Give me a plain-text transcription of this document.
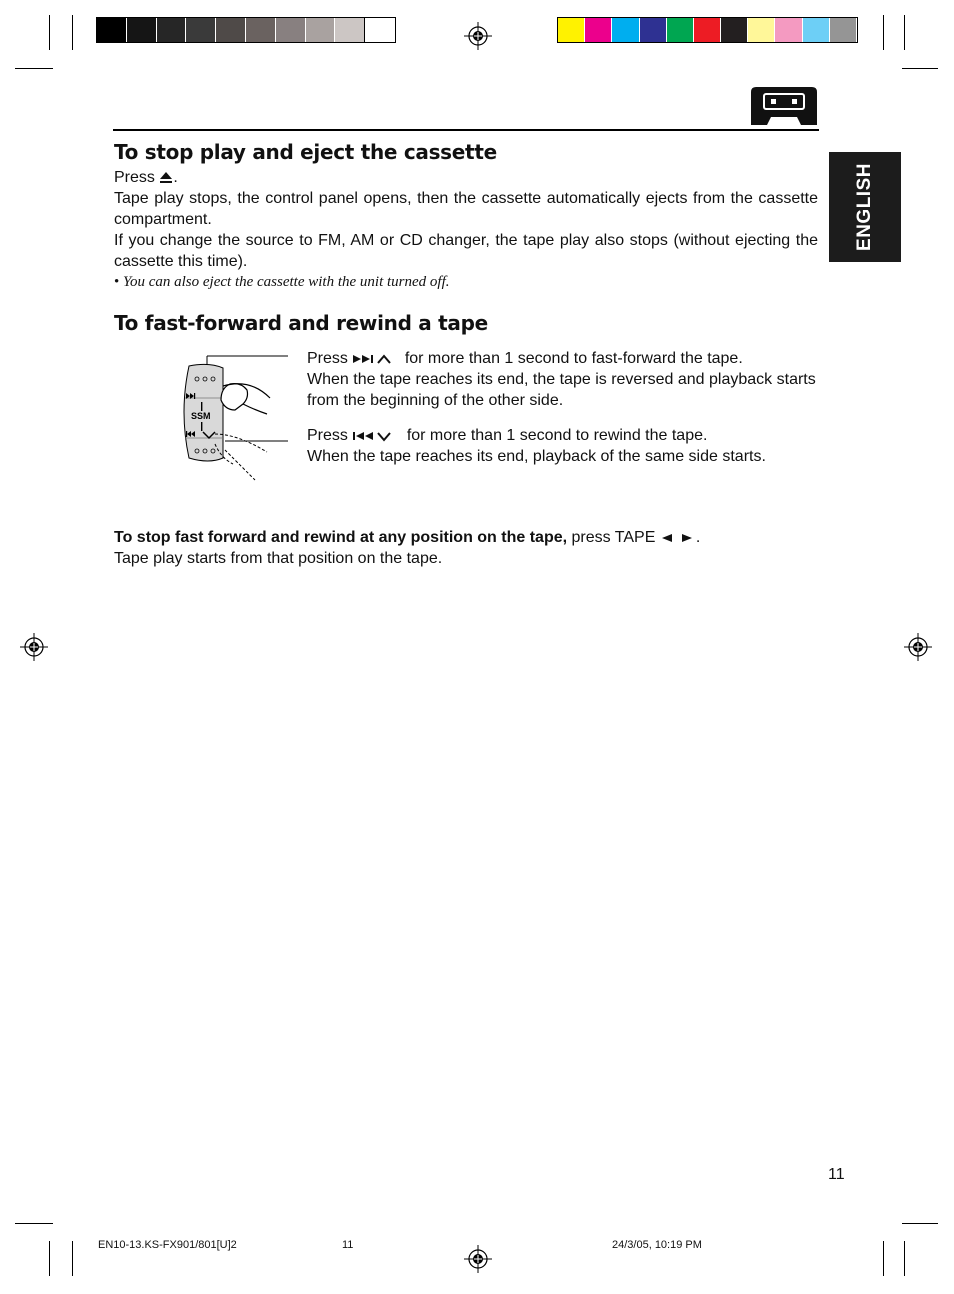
ENGLISH
To stop play and eject the cassette

Press .

Tape play stops, the control panel opens, then the cassette automatically ejects from the cassette compartment.

If you change the source to FM, AM or CD changer, the tape play also stops (without ejecting the cassette this time).

• You can also eject the cassette with the unit turned off.

To fast-forward and rewind a tape
SSM

Press	for more than 1 second to fast-forward the tape.

When the tape reaches its end, the tape is reversed and playback starts from the beginning of the other side.

Press	for more than 1 second to rewind the tape.

When the tape reaches its end, playback of the same side starts.

To stop fast forward and rewind at any position on the tape, press TAPE	.

Tape play starts from that position on the tape.

11
EN10-13.KS-FX901/801[U]2	11	24/3/05, 10:19 PM
